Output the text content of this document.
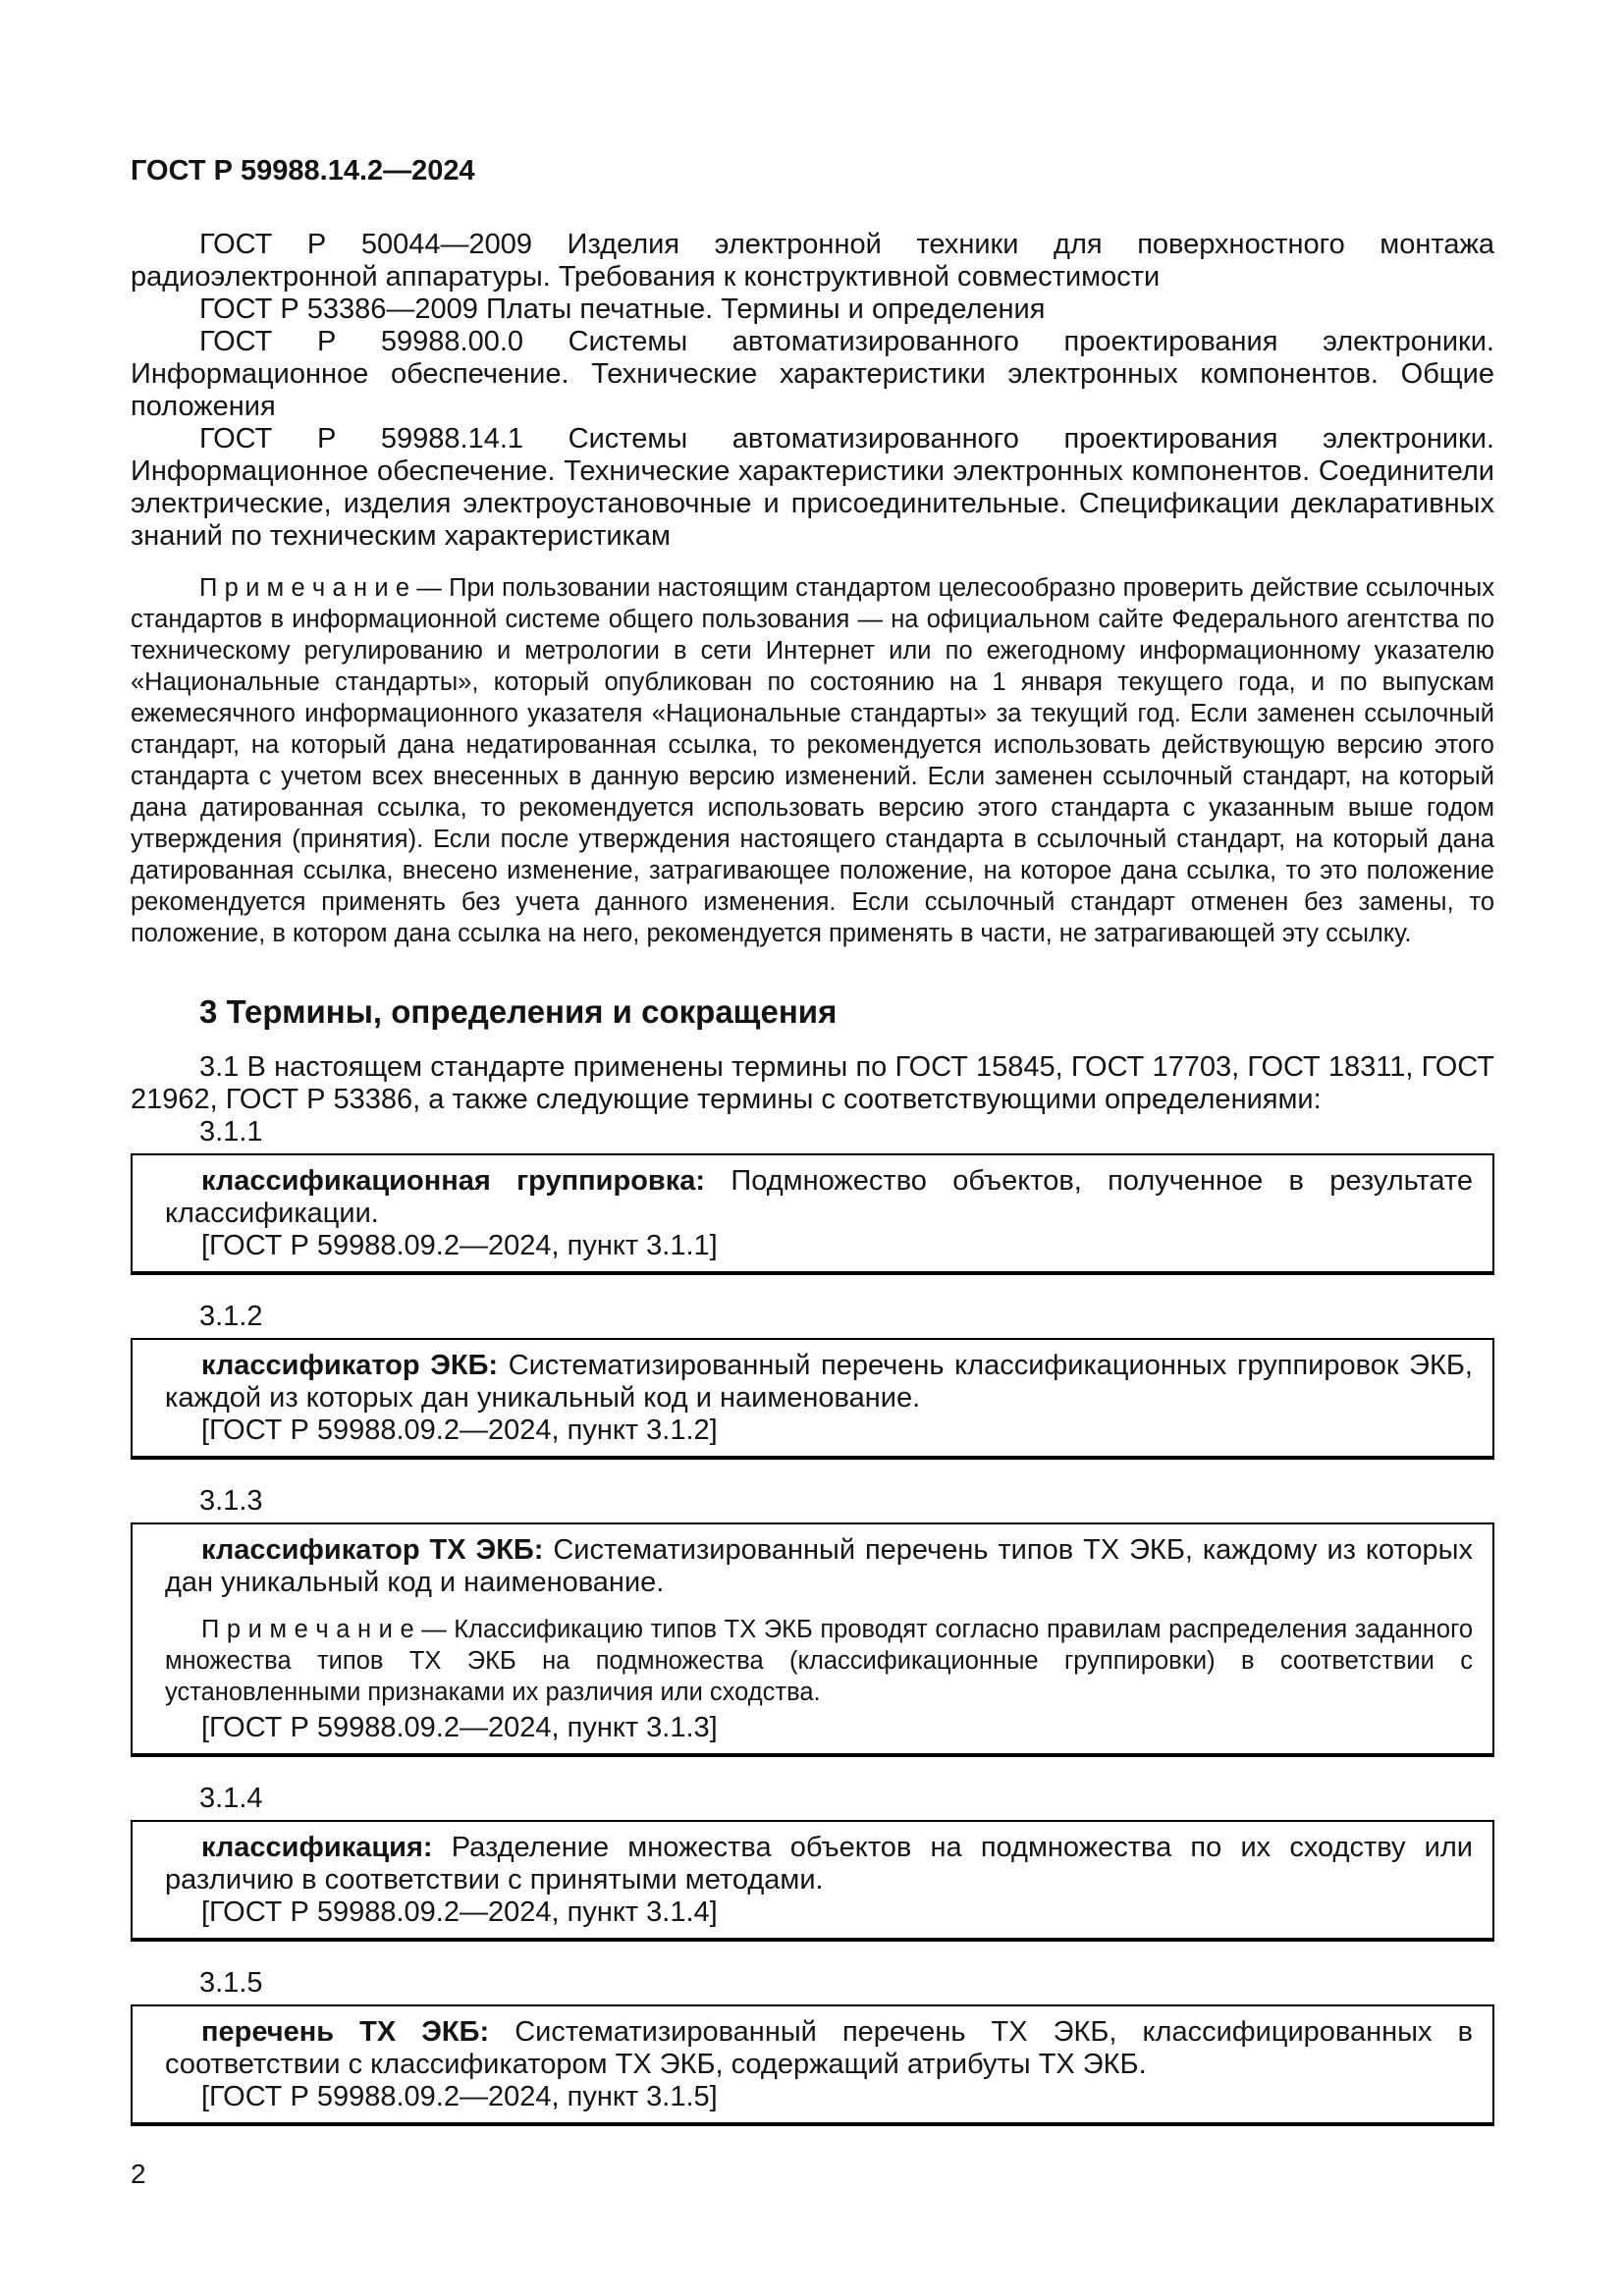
ГОСТ Р 59988.14.2—2024

ГОСТ Р 50044—2009 Изделия электронной техники для поверхностного монтажа радиоэлектронной аппаратуры. Требования к конструктивной совместимости

ГОСТ Р 53386—2009 Платы печатные. Термины и определения

ГОСТ Р 59988.00.0 Системы автоматизированного проектирования электроники. Информационное обеспечение. Технические характеристики электронных компонентов. Общие положения

ГОСТ Р 59988.14.1 Системы автоматизированного проектирования электроники. Информационное обеспечение. Технические характеристики электронных компонентов. Соединители электрические, изделия электроустановочные и присоединительные. Спецификации декларативных знаний по техническим характеристикам

П р и м е ч а н и е — При пользовании настоящим стандартом целесообразно проверить действие ссылочных стандартов в информационной системе общего пользования — на официальном сайте Федерального агентства по техническому регулированию и метрологии в сети Интернет или по ежегодному информационному указателю «Национальные стандарты», который опубликован по состоянию на 1 января текущего года, и по выпускам ежемесячного информационного указателя «Национальные стандарты» за текущий год. Если заменен ссылочный стандарт, на который дана недатированная ссылка, то рекомендуется использовать действующую версию этого стандарта с учетом всех внесенных в данную версию изменений. Если заменен ссылочный стандарт, на который дана датированная ссылка, то рекомендуется использовать версию этого стандарта с указанным выше годом утверждения (принятия). Если после утверждения настоящего стандарта в ссылочный стандарт, на который дана датированная ссылка, внесено изменение, затрагивающее положение, на которое дана ссылка, то это положение рекомендуется применять без учета данного изменения. Если ссылочный стандарт отменен без замены, то положение, в котором дана ссылка на него, рекомендуется применять в части, не затрагивающей эту ссылку.

3 Термины, определения и сокращения

3.1 В настоящем стандарте применены термины по ГОСТ 15845, ГОСТ 17703, ГОСТ 18311, ГОСТ 21962, ГОСТ Р 53386, а также следующие термины с соответствующими определениями:

3.1.1

классификационная группировка: Подмножество объектов, полученное в результате классификации.

[ГОСТ Р 59988.09.2—2024, пункт 3.1.1]

3.1.2

классификатор ЭКБ: Систематизированный перечень классификационных группировок ЭКБ, каждой из которых дан уникальный код и наименование.

[ГОСТ Р 59988.09.2—2024, пункт 3.1.2]

3.1.3

классификатор ТХ ЭКБ: Систематизированный перечень типов ТХ ЭКБ, каждому из которых дан уникальный код и наименование.

П р и м е ч а н и е — Классификацию типов ТХ ЭКБ проводят согласно правилам распределения заданного множества типов ТХ ЭКБ на подмножества (классификационные группировки) в соответствии с установленными признаками их различия или сходства.

[ГОСТ Р 59988.09.2—2024, пункт 3.1.3]

3.1.4

классификация: Разделение множества объектов на подмножества по их сходству или различию в соответствии с принятыми методами.

[ГОСТ Р 59988.09.2—2024, пункт 3.1.4]

3.1.5

перечень ТХ ЭКБ: Систематизированный перечень ТХ ЭКБ, классифицированных в соответствии с классификатором ТХ ЭКБ, содержащий атрибуты ТХ ЭКБ.

[ГОСТ Р 59988.09.2—2024, пункт 3.1.5]

2
